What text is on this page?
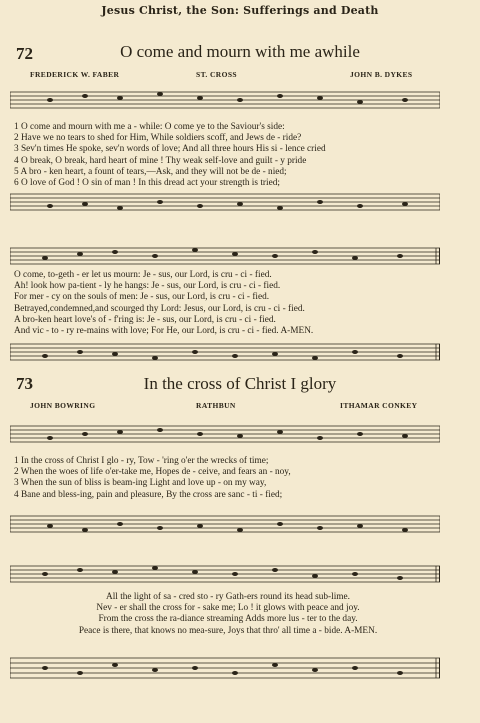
Jesus Christ, the Son: Sufferings and Death
72	O come and mourn with me awhile
FREDERICK W. FABER	ST. CROSS	JOHN B. DYKES
1 O come and mourn with me a - while: O come ye to the Saviour's side:
2 Have we no tears to shed for Him, While soldiers scoff, and Jews de - ride?
3 Sev'n times He spoke, sev'n words of love; And all three hours His si - lence cried
4 O break, O break, hard heart of mine ! Thy weak self-love and guilt - y pride
5 A bro - ken heart, a fount of tears,—Ask, and they will not be de - nied;
6 O love of God ! O sin of man ! In this dread act your strength is tried;
O come, to-geth - er let us mourn: Je - sus, our Lord, is cru - ci - fied.
Ah! look how pa-tient - ly he hangs: Je - sus, our Lord, is cru - ci - fied.
For mer - cy on the souls of men: Je - sus, our Lord, is cru - ci - fied.
Betrayed,condemned,and scourged thy Lord: Jesus, our Lord, is cru - ci - fied.
A bro-ken heart love's of - f'ring is: Je - sus, our Lord, is cru - ci - fied.
And vic - to - ry re-mains with love; For He, our Lord, is cru - ci - fied. A-MEN.
73	In the cross of Christ I glory
JOHN BOWRING	RATHBUN	ITHAMAR CONKEY
1 In the cross of Christ I glo - ry, Tow - 'ring o'er the wrecks of time;
2 When the woes of life o'er-take me, Hopes de - ceive, and fears an - noy,
3 When the sun of bliss is beam-ing Light and love up - on my way,
4 Bane and bless-ing, pain and pleasure, By the cross are sanc - ti - fied;
All the light of sa - cred sto - ry Gath-ers round its head sub-lime.
Nev - er shall the cross for - sake me; Lo ! it glows with peace and joy.
From the cross the ra-diance streaming Adds more lus - ter to the day.
Peace is there, that knows no mea-sure, Joys that thro' all time a - bide. A-MEN.
